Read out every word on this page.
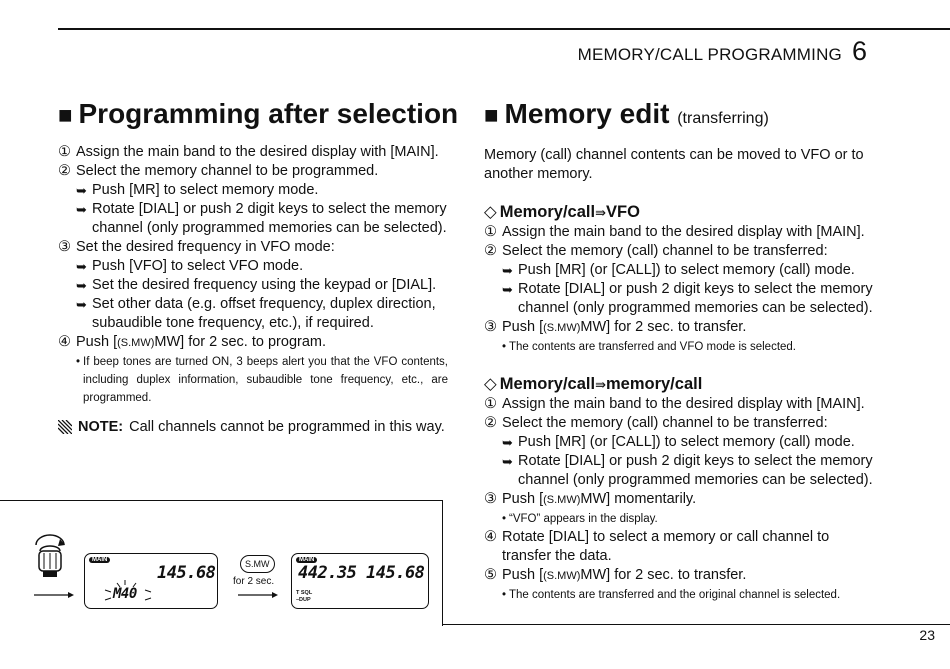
MEMORY/CALL PROGRAMMING 6
■ Programming after selection
① Assign the main band to the desired display with [MAIN].
② Select the memory channel to be programmed.
➥ Push [MR] to select memory mode.
➥ Rotate [DIAL] or push 2 digit keys to select the memory channel (only programmed memories can be selected).
③ Set the desired frequency in VFO mode:
➥ Push [VFO] to select VFO mode.
➥ Set the desired frequency using the keypad or [DIAL].
➥ Set other data (e.g. offset frequency, duplex direction, subaudible tone frequency, etc.), if required.
④ Push [(S.MW)MW] for 2 sec. to program.
• If beep tones are turned ON, 3 beeps alert you that the VFO contents, including duplex information, subaudible tone frequency, etc., are programmed.
NOTE: Call channels cannot be programmed in this way.
■ Memory edit (transferring)

Memory (call) channel contents can be moved to VFO or to another memory.

◇ Memory/call⇛VFO
① Assign the main band to the desired display with [MAIN].
② Select the memory (call) channel to be transferred:
➥ Push [MR] (or [CALL]) to select memory (call) mode.
➥ Rotate [DIAL] or push 2 digit keys to select the memory channel (only programmed memories can be selected).
③ Push [(S.MW)MW] for 2 sec. to transfer.
• The contents are transferred and VFO mode is selected.
◇ Memory/call⇛memory/call
① Assign the main band to the desired display with [MAIN].
② Select the memory (call) channel to be transferred:
➥ Push [MR] (or [CALL]) to select memory (call) mode.
➥ Rotate [DIAL] or push 2 digit keys to select the memory channel (only programmed memories can be selected).
③ Push [(S.MW)MW] momentarily.
• “VFO” appears in the display.
④ Rotate [DIAL] to select a memory or call channel to transfer the data.
⑤ Push [(S.MW)MW] for 2 sec. to transfer.
• The contents are transferred and the original channel is selected.
MAIN
145.68
M40
S.MW
for 2 sec.
MAIN
442.35 145.68
T SQL
–DUP
23
